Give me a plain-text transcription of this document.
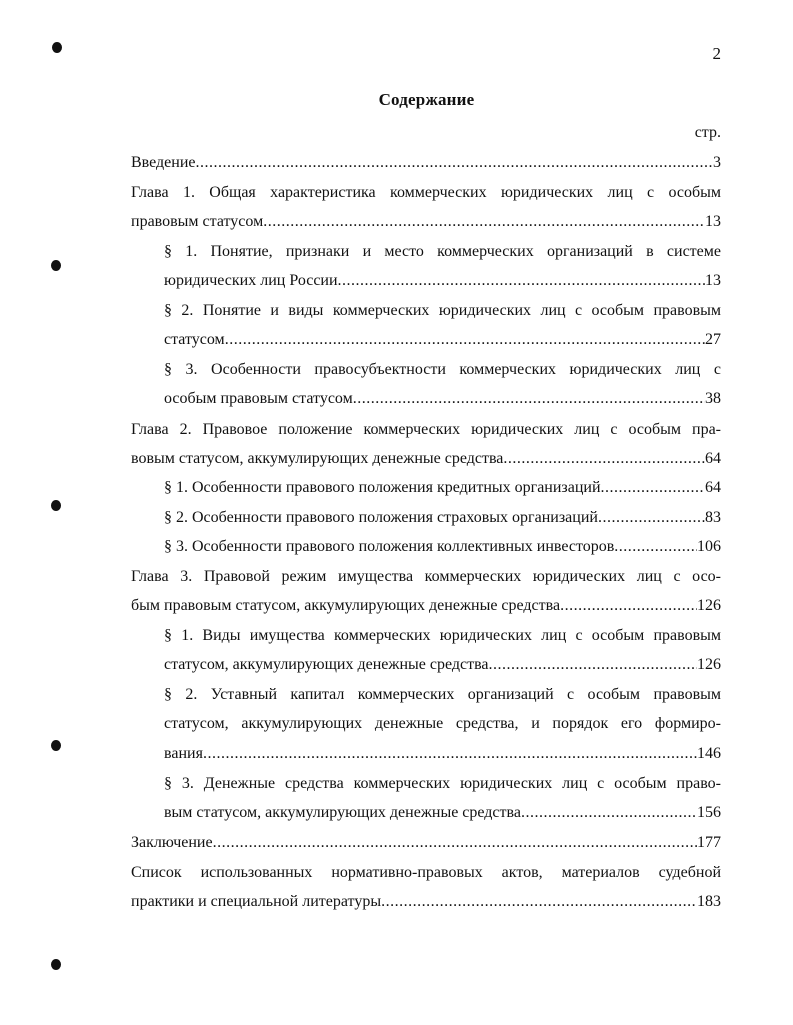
2
Содержание
стр.
Введение .....	3
Глава 1. Общая характеристика коммерческих юридических лиц с особым
правовым статусом .....	13
§ 1. Понятие, признаки и место коммерческих организаций в системе
юридических лиц России .....	13
§ 2. Понятие и виды коммерческих юридических лиц с особым правовым
статусом .....	27
§ 3. Особенности правосубъектности коммерческих юридических лиц с
особым правовым статусом .....	38
Глава 2. Правовое положение коммерческих юридических лиц с особым пра-
вовым статусом, аккумулирующих денежные средства .....	64
§ 1. Особенности правового положения кредитных организаций .....	64
§ 2. Особенности правового положения страховых организаций .....	83
§ 3. Особенности правового положения коллективных инвесторов .....	106
Глава 3. Правовой режим имущества коммерческих юридических лиц с осо-
бым правовым статусом, аккумулирующих денежные средства .....	126
§ 1. Виды имущества коммерческих юридических лиц с особым правовым
статусом, аккумулирующих денежные средства .....	126
§ 2. Уставный капитал коммерческих организаций с особым правовым
статусом, аккумулирующих денежные средства, и порядок его формиро-
вания .....	146
§ 3. Денежные средства коммерческих юридических лиц с особым право-
вым статусом, аккумулирующих денежные средства .....	156
Заключение .....	177
Список использованных нормативно-правовых актов, материалов судебной
практики и специальной литературы .....	183
